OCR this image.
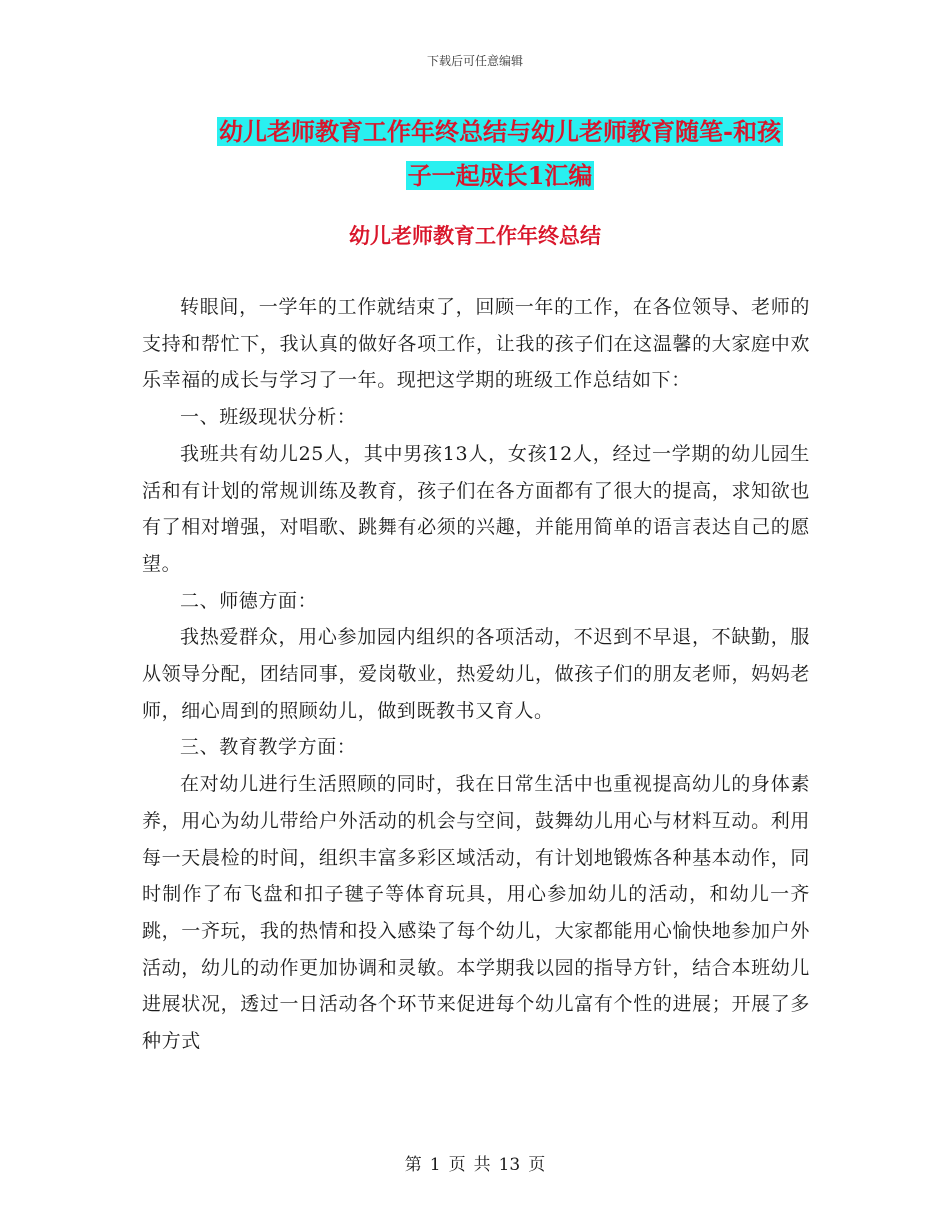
下载后可任意编辑
幼儿老师教育工作年终总结与幼儿老师教育随笔-和孩
子一起成长1汇编
幼儿老师教育工作年终总结

转眼间，一学年的工作就结束了，回顾一年的工作，在各位领导、老师的支持和帮忙下，我认真的做好各项工作，让我的孩子们在这温馨的大家庭中欢乐幸福的成长与学习了一年。现把这学期的班级工作总结如下：

一、班级现状分析：

我班共有幼儿25人，其中男孩13人，女孩12人，经过一学期的幼儿园生活和有计划的常规训练及教育，孩子们在各方面都有了很大的提高，求知欲也有了相对增强，对唱歌、跳舞有必须的兴趣，并能用简单的语言表达自己的愿望。

二、师德方面：

我热爱群众，用心参加园内组织的各项活动，不迟到不早退，不缺勤，服从领导分配，团结同事，爱岗敬业，热爱幼儿，做孩子们的朋友老师，妈妈老师，细心周到的照顾幼儿，做到既教书又育人。

三、教育教学方面：

在对幼儿进行生活照顾的同时，我在日常生活中也重视提高幼儿的身体素养，用心为幼儿带给户外活动的机会与空间，鼓舞幼儿用心与材料互动。利用每一天晨检的时间，组织丰富多彩区域活动，有计划地锻炼各种基本动作，同时制作了布飞盘和扣子毽子等体育玩具，用心参加幼儿的活动，和幼儿一齐跳，一齐玩，我的热情和投入感染了每个幼儿，大家都能用心愉快地参加户外活动，幼儿的动作更加协调和灵敏。本学期我以园的指导方针，结合本班幼儿进展状况，透过一日活动各个环节来促进每个幼儿富有个性的进展；开展了多种方式

第 1 页 共 13 页
